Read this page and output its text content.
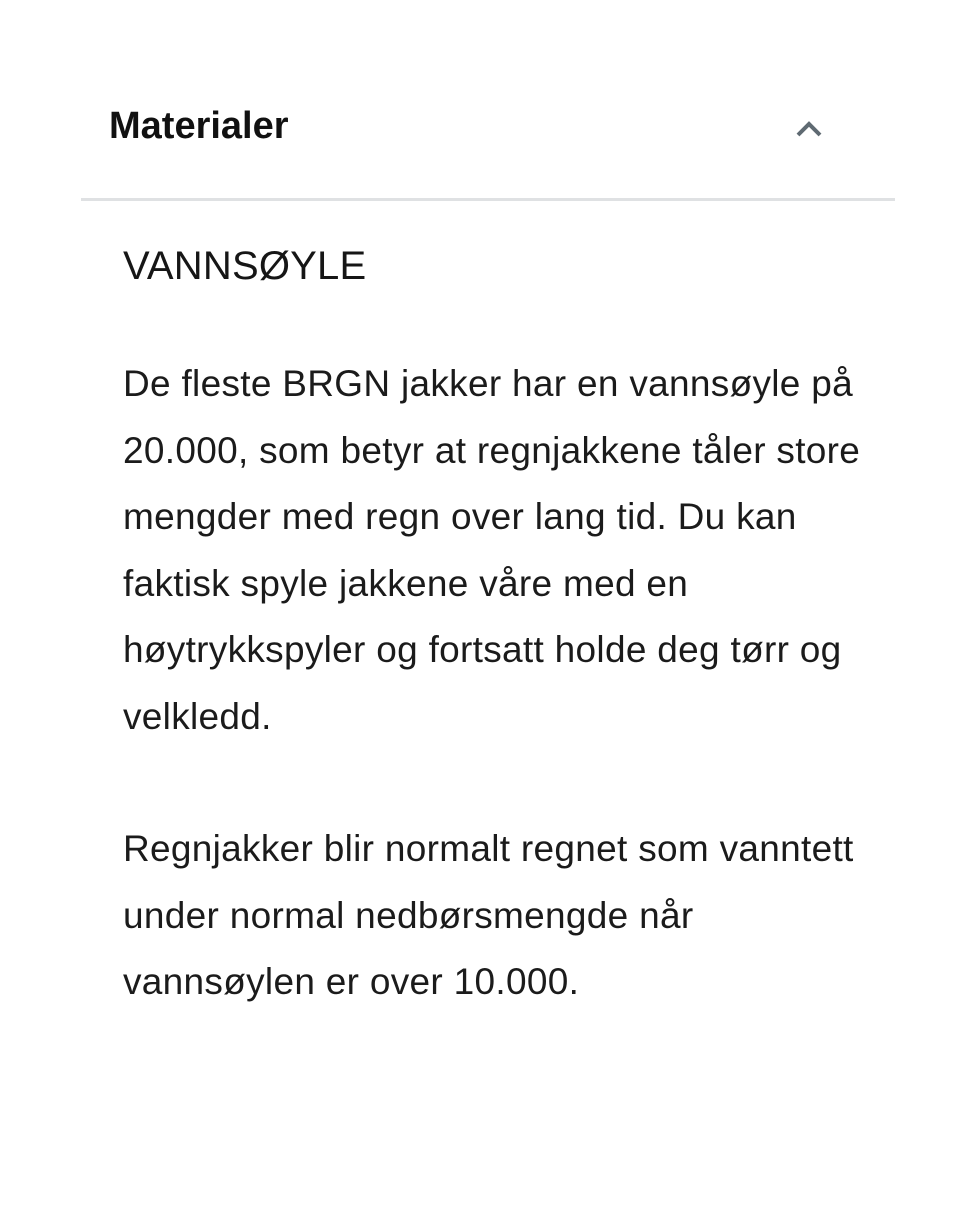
Materialer
VANNSØYLE

De fleste BRGN jakker har en vannsøyle på 20.000, som betyr at regnjakkene tåler store mengder med regn over lang tid. Du kan faktisk spyle jakkene våre med en høytrykkspyler og fortsatt holde deg tørr og velkledd.

Regnjakker blir normalt regnet som vanntett under normal nedbørsmengde når vannsøylen er over 10.000.
